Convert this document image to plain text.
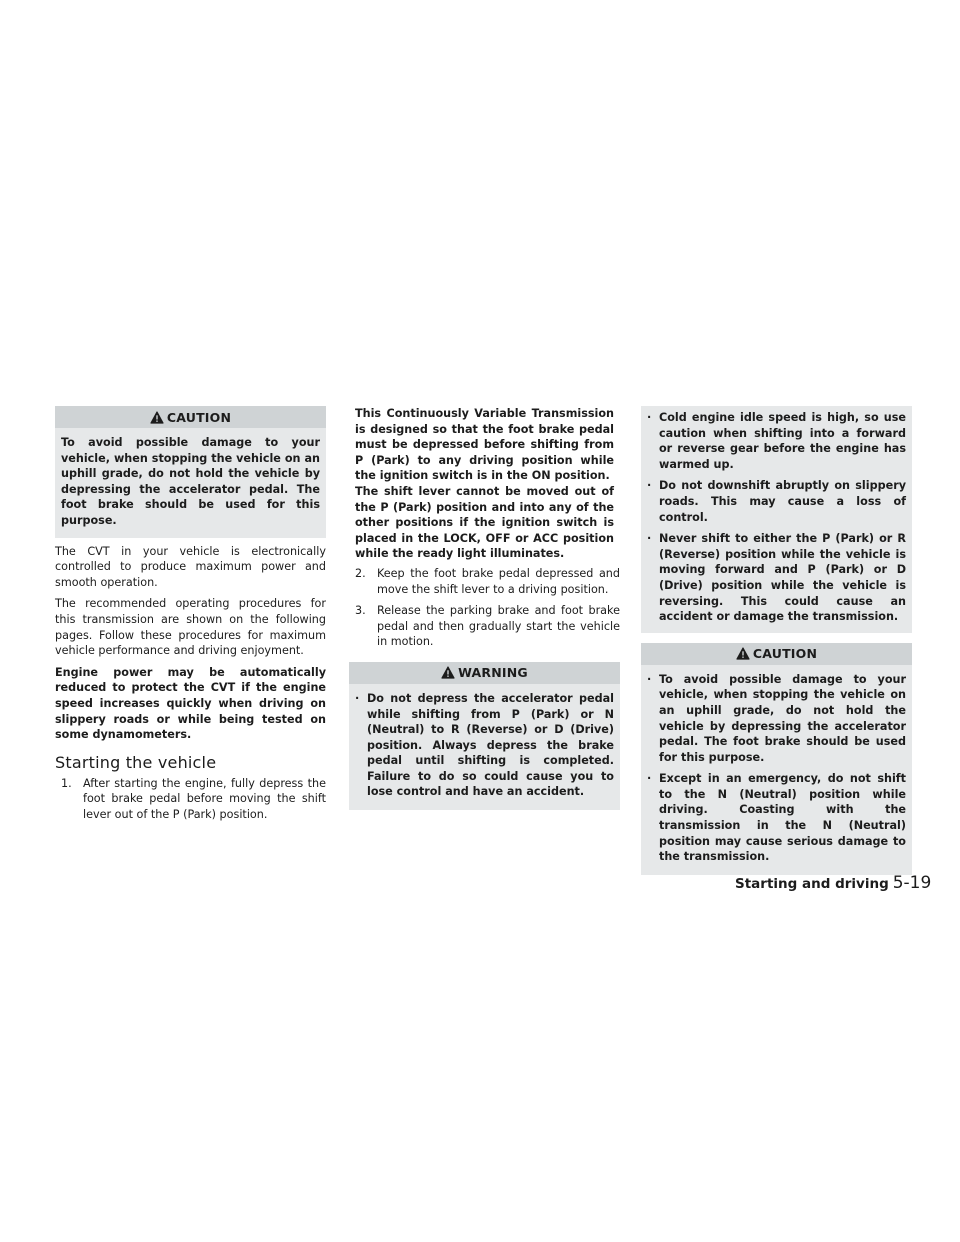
CAUTION
To avoid possible damage to your vehicle, when stopping the vehicle on an uphill grade, do not hold the vehicle by depressing the accelerator pedal. The foot brake should be used for this purpose.

The CVT in your vehicle is electronically controlled to produce maximum power and smooth operation.

The recommended operating procedures for this transmission are shown on the following pages. Follow these procedures for maximum vehicle performance and driving enjoyment.

Engine power may be automatically reduced to protect the CVT if the engine speed increases quickly when driving on slippery roads or while being tested on some dynamometers.

Starting the vehicle
1.	After starting the engine, fully depress the foot brake pedal before moving the shift lever out of the P (Park) position.

This Continuously Variable Transmission is designed so that the foot brake pedal must be depressed before shifting from P (Park) to any driving position while the ignition switch is in the ON position.

The shift lever cannot be moved out of the P (Park) position and into any of the other positions if the ignition switch is placed in the LOCK, OFF or ACC position while the ready light illuminates.

2.	Keep the foot brake pedal depressed and move the shift lever to a driving position.
3.	Release the parking brake and foot brake pedal and then gradually start the vehicle in motion.
WARNING
· Do not depress the accelerator pedal while shifting from P (Park) or N (Neutral) to R (Reverse) or D (Drive) position. Always depress the brake pedal until shifting is completed. Failure to do so could cause you to lose control and have an accident.
· Cold engine idle speed is high, so use caution when shifting into a forward or reverse gear before the engine has warmed up.
· Do not downshift abruptly on slippery roads. This may cause a loss of control.
· Never shift to either the P (Park) or R (Reverse) position while the vehicle is moving forward and P (Park) or D (Drive) position while the vehicle is reversing. This could cause an accident or damage the transmission.
CAUTION
· To avoid possible damage to your vehicle, when stopping the vehicle on an uphill grade, do not hold the vehicle by depressing the accelerator pedal. The foot brake should be used for this purpose.
· Except in an emergency, do not shift to the N (Neutral) position while driving. Coasting with the transmission in the N (Neutral) position may cause serious damage to the transmission.
Starting and driving 5-19
